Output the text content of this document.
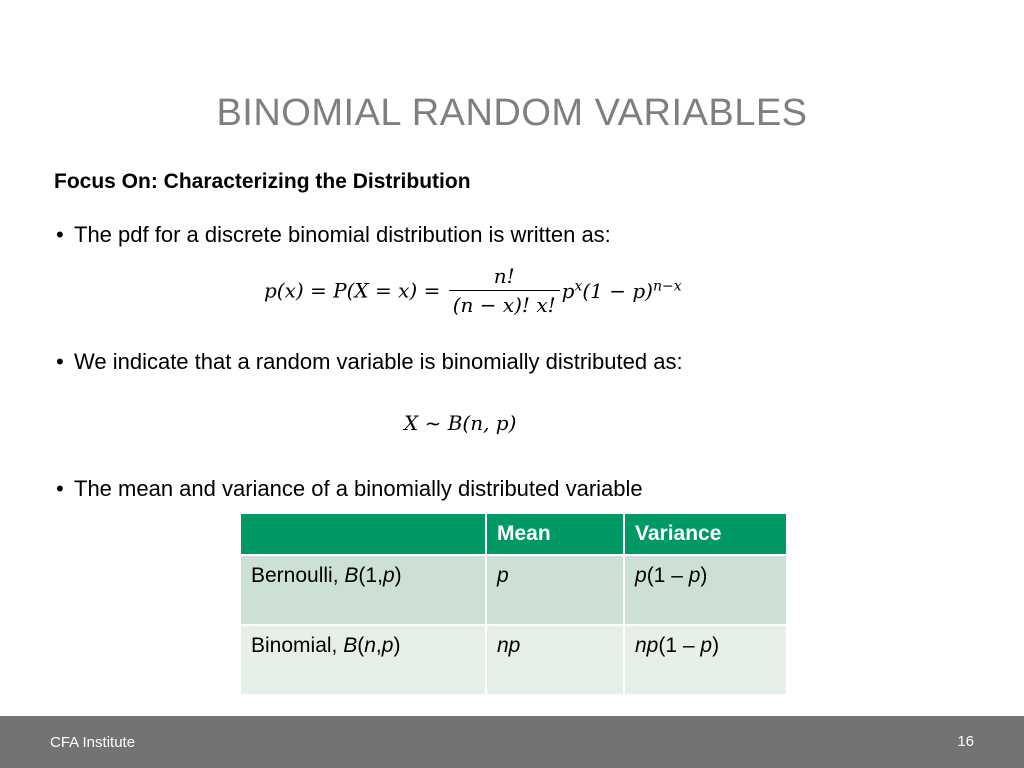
BINOMIAL RANDOM VARIABLES
Focus On: Characterizing the Distribution
• The pdf for a discrete binomial distribution is written as:
$p(x) = P(X = x) = \frac{n!}{(n - x)! x!} p^x(1 - p)^{n-x}$
• We indicate that a random variable is binomially distributed as:
X ~ B(n, p)
• The mean and variance of a binomially distributed variable
	Mean	Variance
Bernoulli, B(1,p)	p	p(1 – p)
Binomial, B(n,p)	np	np(1 – p)
CFA Institute	16
